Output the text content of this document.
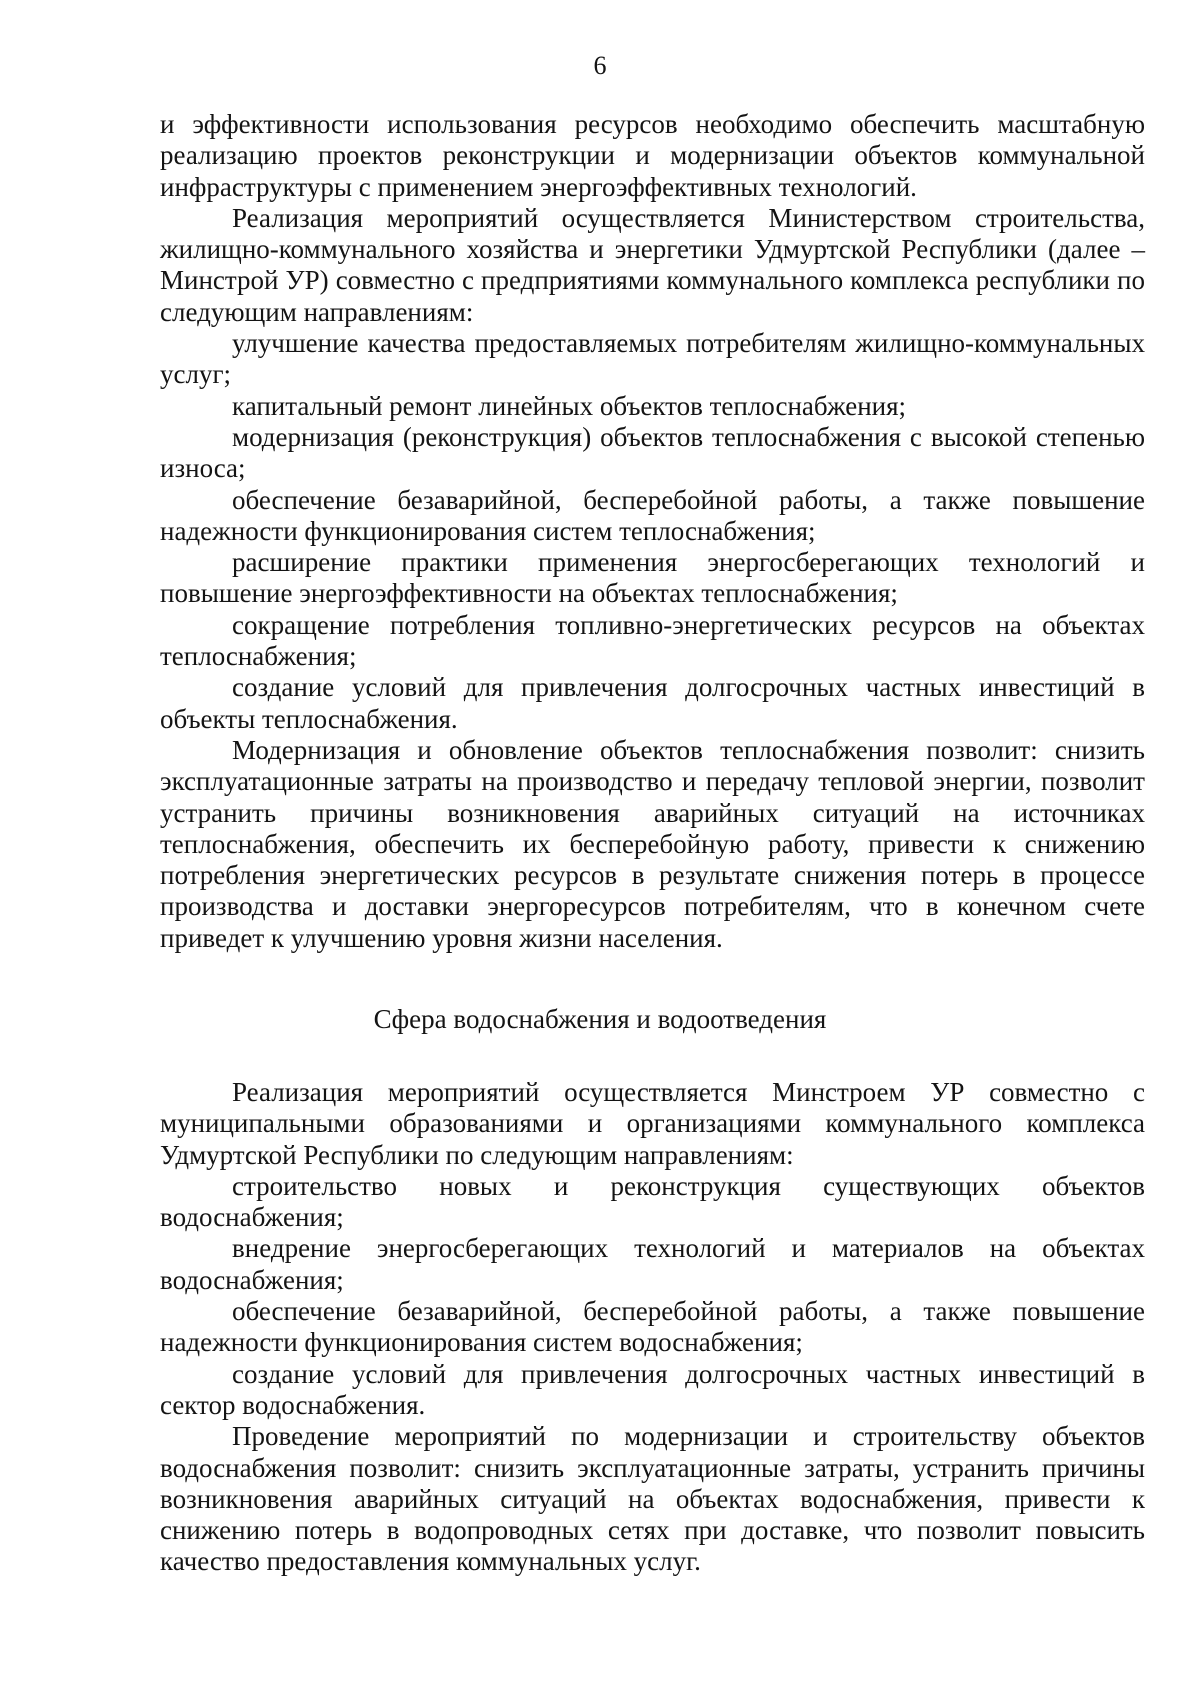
6

и эффективности использования ресурсов необходимо обеспечить масштабную реализацию проектов реконструкции и модернизации объектов коммунальной инфраструктуры с применением энергоэффективных технологий.

Реализация мероприятий осуществляется Министерством строительства, жилищно-коммунального хозяйства и энергетики Удмуртской Республики (далее – Минстрой УР) совместно с предприятиями коммунального комплекса республики по следующим направлениям:

улучшение качества предоставляемых потребителям жилищно-коммунальных услуг;

капитальный ремонт линейных объектов теплоснабжения;

модернизация (реконструкция) объектов теплоснабжения с высокой степенью износа;

обеспечение безаварийной, бесперебойной работы, а также повышение надежности функционирования систем теплоснабжения;

расширение практики применения энергосберегающих технологий и повышение энергоэффективности на объектах теплоснабжения;

сокращение потребления топливно-энергетических ресурсов на объектах теплоснабжения;

создание условий для привлечения долгосрочных частных инвестиций в объекты теплоснабжения.

Модернизация и обновление объектов теплоснабжения позволит: снизить эксплуатационные затраты на производство и передачу тепловой энергии, позволит устранить причины возникновения аварийных ситуаций на источниках теплоснабжения, обеспечить их бесперебойную работу, привести к снижению потребления энергетических ресурсов в результате снижения потерь в процессе производства и доставки энергоресурсов потребителям, что в конечном счете приведет к улучшению уровня жизни населения.

Сфера водоснабжения и водоотведения

Реализация мероприятий осуществляется Минстроем УР совместно с муниципальными образованиями и организациями коммунального комплекса Удмуртской Республики по следующим направлениям:

строительство новых и реконструкция существующих объектов водоснабжения;

внедрение энергосберегающих технологий и материалов на объектах водоснабжения;

обеспечение безаварийной, бесперебойной работы, а также повышение надежности функционирования систем водоснабжения;

создание условий для привлечения долгосрочных частных инвестиций в сектор водоснабжения.

Проведение мероприятий по модернизации и строительству объектов водоснабжения позволит: снизить эксплуатационные затраты, устранить причины возникновения аварийных ситуаций на объектах водоснабжения, привести к снижению потерь в водопроводных сетях при доставке, что позволит повысить качество предоставления коммунальных услуг.
